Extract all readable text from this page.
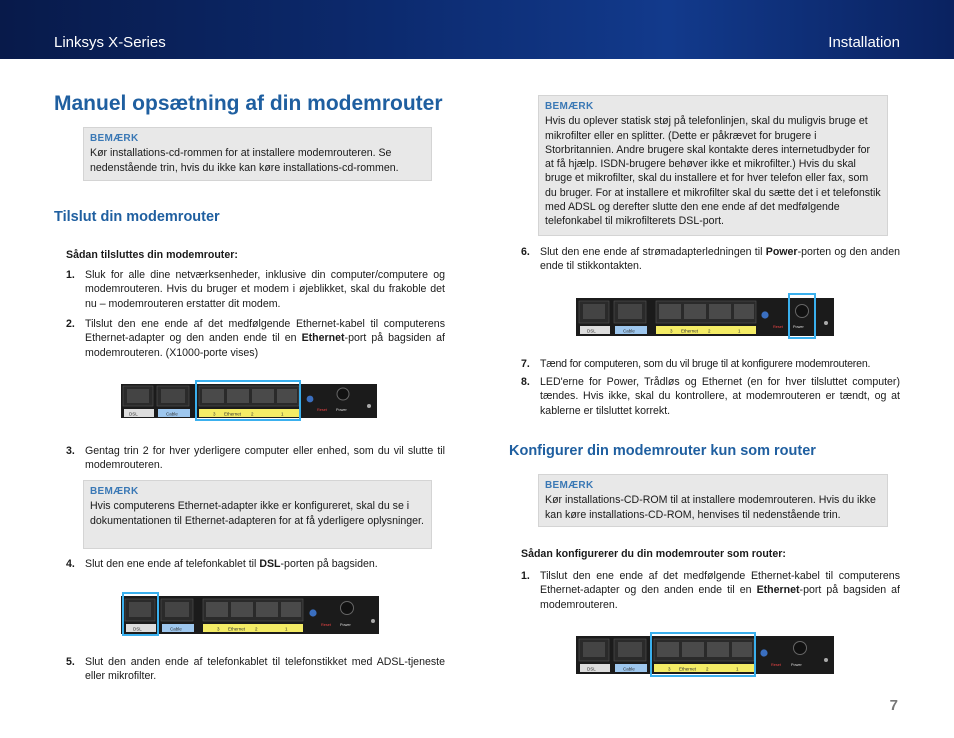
Linksys X-Series	Installation
Manuel opsætning af din modemrouter
BEMÆRK
Kør installations-cd-rommen for at installere modemrouteren. Se nedenstående trin, hvis du ikke kan køre installations-cd-rommen.
Tilslut din modemrouter
Sådan tilsluttes din modemrouter:
1. Sluk for alle dine netværksenheder, inklusive din computer/computere og modemrouteren. Hvis du bruger et modem i øjeblikket, skal du frakoble det nu – modemrouteren erstatter dit modem.
2. Tilslut den ene ende af det medfølgende Ethernet-kabel til computerens Ethernet-adapter og den anden ende til en Ethernet-port på bagsiden af modemrouteren. (X1000-porte vises)
DSL	Cable	3 Ethernet 2	1
Reset Power
3. Gentag trin 2 for hver yderligere computer eller enhed, som du vil slutte til modemrouteren.
BEMÆRK
Hvis computerens Ethernet-adapter ikke er konfigureret, skal du se i dokumentationen til Ethernet-adapteren for at få yderligere oplysninger.
4. Slut den ene ende af telefonkablet til DSL-porten på bagsiden.
DSL	Cable	3 Ethernet 2	1
Reset Power
5. Slut den anden ende af telefonkablet til telefonstikket med ADSL-tjeneste eller mikrofilter.
BEMÆRK
Hvis du oplever statisk støj på telefonlinjen, skal du muligvis bruge et mikrofilter eller en splitter. (Dette er påkrævet for brugere i Storbritannien. Andre brugere skal kontakte deres internetudbyder for at få hjælp. ISDN-brugere behøver ikke et mikrofilter.) Hvis du skal bruge et mikrofilter, skal du installere et for hver telefon eller fax, som du bruger. For at installere et mikrofilter skal du sætte det i et telefonstik med ADSL og derefter slutte den ene ende af det medfølgende telefonkabel til mikrofilterets DSL-port.
6. Slut den ene ende af strømadapterledningen til Power-porten og den anden ende til stikkontakten.
DSL	Cable	3 Ethernet 2	1
Reset	Power
7. Tænd for computeren, som du vil bruge til at konfigurere modemrouteren.
8. LED'erne for Power, Trådløs og Ethernet (en for hver tilsluttet computer) tændes. Hvis ikke, skal du kontrollere, at modemrouteren er tændt, og at kablerne er tilsluttet korrekt.
Konfigurer din modemrouter kun som router
BEMÆRK
Kør installations-CD-ROM til at installere modemrouteren. Hvis du ikke kan køre installations-CD-ROM, henvises til nedenstående trin.
Sådan konfigurerer du din modemrouter som router:
1. Tilslut den ene ende af det medfølgende Ethernet-kabel til computerens Ethernet-adapter og den anden ende til en Ethernet-port på bagsiden af modemrouteren.
DSL	Cable	3 Ethernet 2	1
Reset	Power
7
